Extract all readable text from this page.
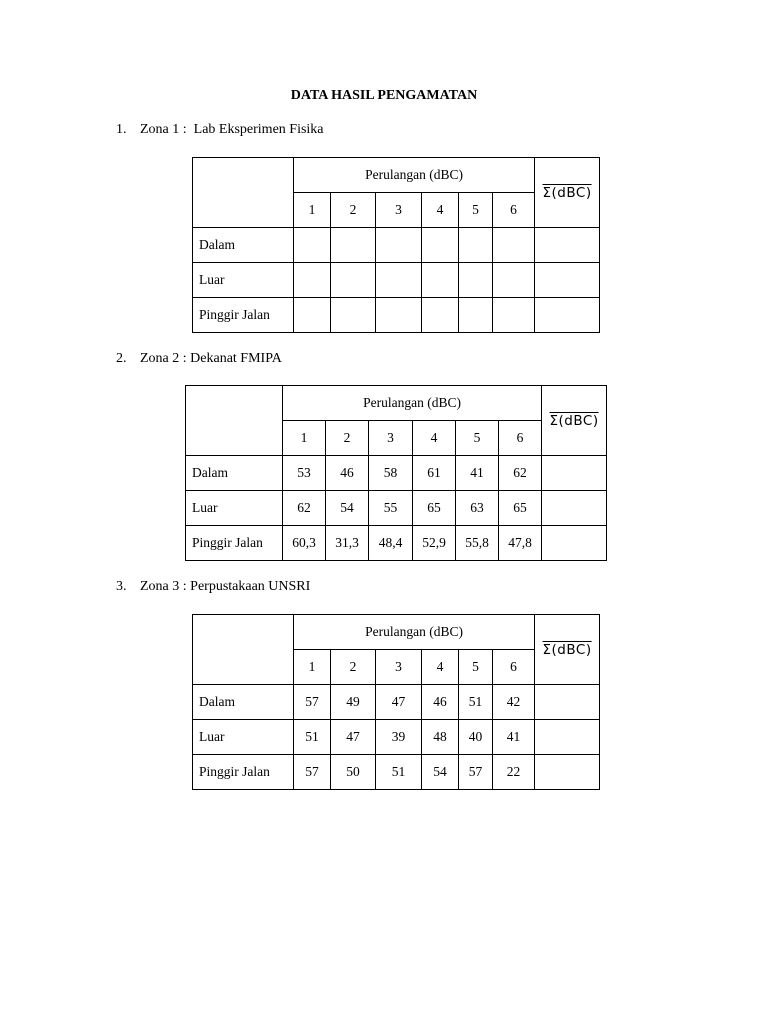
DATA HASIL PENGAMATAN
1. Zona 1 :  Lab Eksperimen Fisika
	Perulangan (dBC)						Σ(dBC)
	1	2	3	4	5	6	
Dalam							
Luar							
Pinggir Jalan							
2. Zona 2 : Dekanat FMIPA
	Perulangan (dBC)						Σ(dBC)
	1	2	3	4	5	6	
Dalam	53	46	58	61	41	62	
Luar	62	54	55	65	63	65	
Pinggir Jalan	60,3	31,3	48,4	52,9	55,8	47,8	
3. Zona 3 : Perpustakaan UNSRI
	Perulangan (dBC)						Σ(dBC)
	1	2	3	4	5	6	
Dalam	57	49	47	46	51	42	
Luar	51	47	39	48	40	41	
Pinggir Jalan	57	50	51	54	57	22	
